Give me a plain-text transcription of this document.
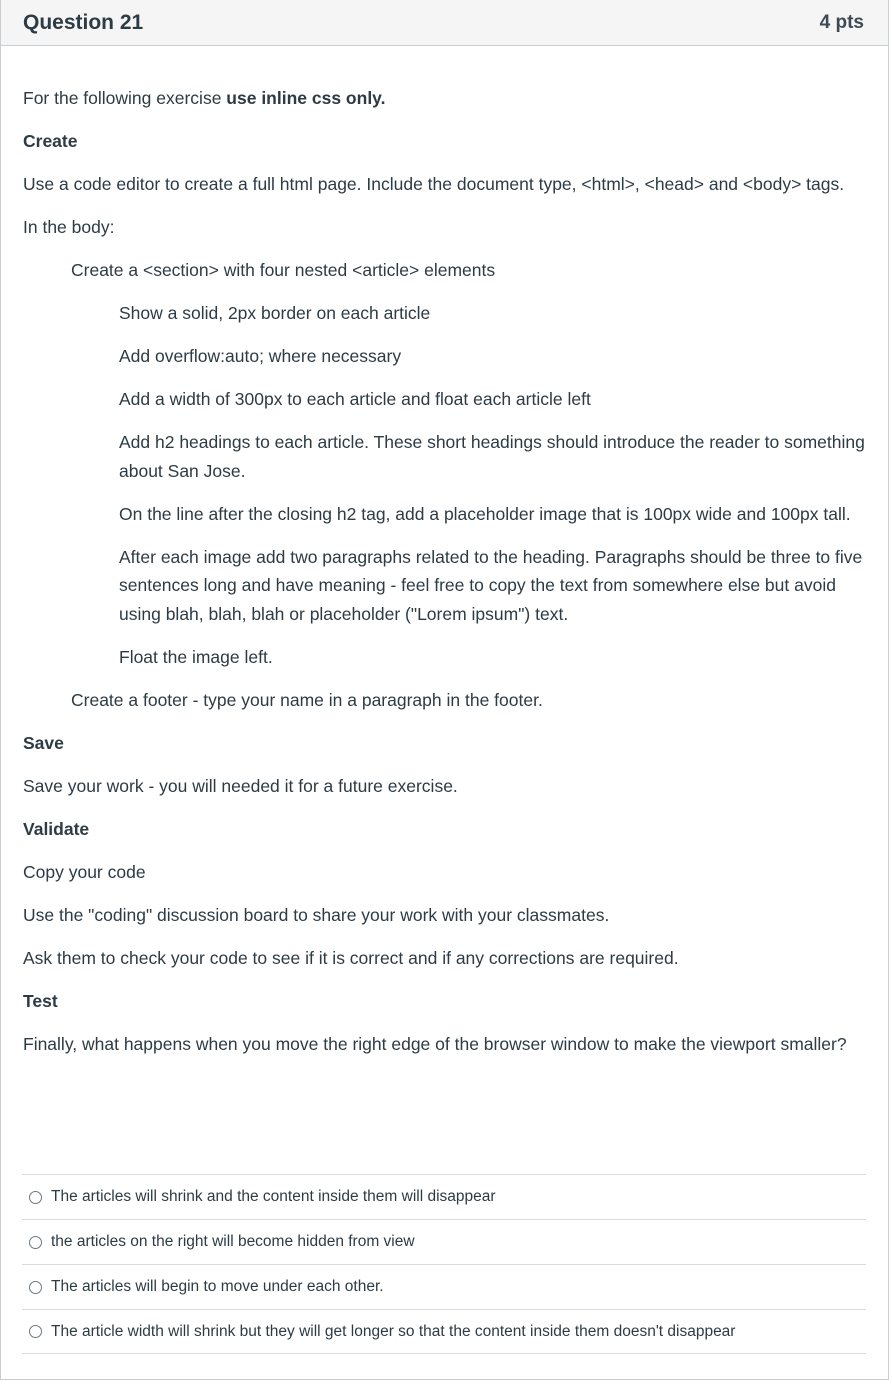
Question 21	4 pts

For the following exercise use inline css only.

Create

Use a code editor to create a full html page. Include the document type, <html>, <head> and <body> tags.

In the body:

Create a <section> with four nested <article> elements

Show a solid, 2px border on each article

Add overflow:auto; where necessary

Add a width of 300px to each article and float each article left

Add h2 headings to each article. These short headings should introduce the reader to something about San Jose.

On the line after the closing h2 tag, add a placeholder image that is 100px wide and 100px tall.

After each image add two paragraphs related to the heading. Paragraphs should be three to five sentences long and have meaning - feel free to copy the text from somewhere else but avoid using blah, blah, blah or placeholder ("Lorem ipsum") text.

Float the image left.

Create a footer - type your name in a paragraph in the footer.

Save

Save your work - you will needed it for a future exercise.

Validate

Copy your code

Use the "coding" discussion board to share your work with your classmates.

Ask them to check your code to see if it is correct and if any corrections are required.

Test

Finally, what happens when you move the right edge of the browser window to make the viewport smaller?

The articles will shrink and the content inside them will disappear
the articles on the right will become hidden from view
The articles will begin to move under each other.
The article width will shrink but they will get longer so that the content inside them doesn't disappear
